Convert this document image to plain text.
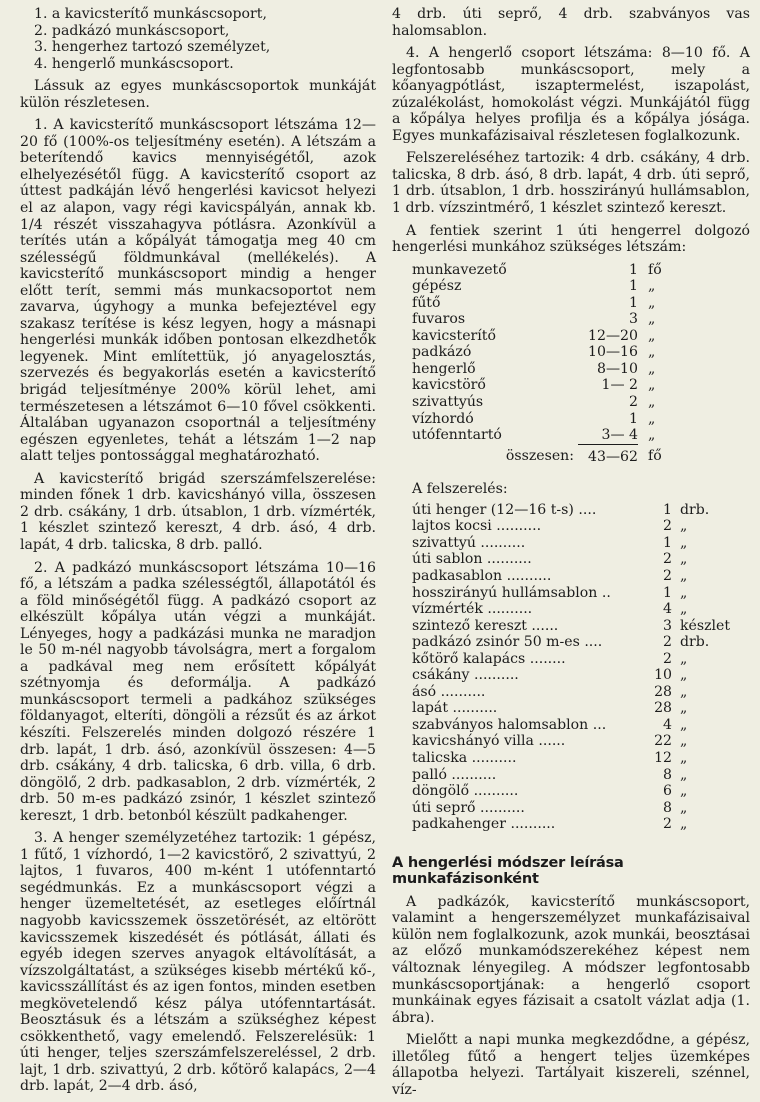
1. a kavicsterítő munkáscsoport,
2. padkázó munkáscsoport,
3. hengerhez tartozó személyzet,
4. hengerlő munkáscsoport.

Lássuk az egyes munkáscsoportok munkáját külön részletesen.

1. A kavicsterítő munkáscsoport létszáma 12—20 fő (100%-os teljesítmény esetén). A létszám a beterítendő kavics mennyiségétől, azok elhelyezésétől függ. A kavicsterítő csoport az úttest padkáján lévő hengerlési kavicsot helyezi el az alapon, vagy régi kavicspályán, annak kb. 1/4 részét visszahagyva pótlásra. Azonkívül a terítés után a kőpályát támogatja meg 40 cm szélességű földmunkával (mellékelés). A kavicsterítő munkáscsoport mindig a henger előtt terít, semmi más munkacsoportot nem zavarva, úgyhogy a munka befejeztével egy szakasz terítése is kész legyen, hogy a másnapi hengerlési munkák időben pontosan elkezdhetők legyenek. Mint említettük, jó anyagelosztás, szervezés és begyakorlás esetén a kavicsterítő brigád teljesítménye 200% körül lehet, ami természetesen a létszámot 6—10 fővel csökkenti. Általában ugyanazon csoportnál a teljesítmény egészen egyenletes, tehát a létszám 1—2 nap alatt teljes pontossággal meghatározható.

A kavicsterítő brigád szerszámfelszerelése: minden főnek 1 drb. kavicshányó villa, összesen 2 drb. csákány, 1 drb. útsablon, 1 drb. vízmérték, 1 készlet szintező kereszt, 4 drb. ásó, 4 drb. lapát, 4 drb. talicska, 8 drb. palló.

2. A padkázó munkáscsoport létszáma 10—16 fő, a létszám a padka szélességtől, állapotától és a föld minőségétől függ. A padkázó csoport az elkészült kőpálya után végzi a munkáját. Lényeges, hogy a padkázási munka ne maradjon le 50 m-nél nagyobb távolságra, mert a forgalom a padkával meg nem erősített kőpályát szétnyomja és deformálja. A padkázó munkáscsoport termeli a padkához szükséges földanyagot, elteríti, döngöli a rézsűt és az árkot készíti. Felszerelés minden dolgozó részére 1 drb. lapát, 1 drb. ásó, azonkívül összesen: 4—5 drb. csákány, 4 drb. talicska, 6 drb. villa, 6 drb. döngölő, 2 drb. padkasablon, 2 drb. vízmérték, 2 drb. 50 m-es padkázó zsinór, 1 készlet szintező kereszt, 1 drb. betonból készült padkahenger.

3. A henger személyzetéhez tartozik: 1 gépész, 1 fűtő, 1 vízhordó, 1—2 kavicstörő, 2 szivattyú, 2 lajtos, 1 fuvaros, 400 m-ként 1 utófenntartó segédmunkás. Ez a munkáscsoport végzi a henger üzemeltetését, az esetleges előírtnál nagyobb kavicsszemek összetörését, az eltörött kavicsszemek kiszedését és pótlását, állati és egyéb idegen szerves anyagok eltávolítását, a vízszolgáltatást, a szükséges kisebb mértékű kő-, kavicsszállítást és az igen fontos, minden esetben megkövetelendő kész pálya utófenntartását. Beosztásuk és a létszám a szükséghez képest csökkenthető, vagy emelendő. Felszerelésük: 1 úti henger, teljes szerszámfelszereléssel, 2 drb. lajt, 1 drb. szivattyú, 2 drb. kőtörő kalapács, 2—4 drb. lapát, 2—4 drb. ásó,

4 drb. úti seprő, 4 drb. szabványos vas halomsablon.

4. A hengerlő csoport létszáma: 8—10 fő. A legfontosabb munkáscsoport, mely a kőanyagpótlást, iszaptermelést, iszapolást, zúzalékolást, homokolást végzi. Munkájától függ a kőpálya helyes profilja és a kőpálya jósága. Egyes munkafázisaival részletesen foglalkozunk.

Felszereléséhez tartozik: 4 drb. csákány, 4 drb. talicska, 8 drb. ásó, 8 drb. lapát, 4 drb. úti seprő, 1 drb. útsablon, 1 drb. hosszirányú hullámsablon, 1 drb. vízszintmérő, 1 készlet szintező kereszt.

A fentiek szerint 1 úti hengerrel dolgozó hengerlési munkához szükséges létszám:

munkavezető	1	fő
gépész	1	„
fűtő	1	„
fuvaros	3	„
kavicsterítő	12—20	„
padkázó	10—16	„
hengerlő	8—10	„
kavicstörő	1— 2	„
szivattyús	2	„
vízhordó	1	„
utófenntartó	3— 4	„
összesen:	43—62	fő
A felszerelés:
úti henger (12—16 t-s) ....	1	drb.
lajtos kocsi ..........	2	„
szivattyú ..........	1	„
úti sablon ..........	2	„
padkasablon ..........	2	„
hosszirányú hullámsablon ..	1	„
vízmérték ..........	4	„
szintező kereszt ......	3	készlet
padkázó zsinór 50 m-es ....	2	drb.
kőtörő kalapács ........	2	„
csákány ..........	10	„
ásó ..........	28	„
lapát ..........	28	„
szabványos halomsablon ...	4	„
kavicshányó villa ......	22	„
talicska ..........	12	„
palló ..........	8	„
döngölő ..........	6	„
úti seprő ..........	8	„
padkahenger ..........	2	„
A hengerlési módszer leírása munkafázisonként

A padkázók, kavicsterítő munkáscsoport, valamint a hengerszemélyzet munkafázisaival külön nem foglalkozunk, azok munkái, beosztásai az előző munkamódszerekéhez képest nem változnak lényegileg. A módszer legfontosabb munkáscsoportjának: a hengerlő csoport munkáinak egyes fázisait a csatolt vázlat adja (1. ábra).

Mielőtt a napi munka megkezdődne, a gépész, illetőleg fűtő a hengert teljes üzemképes állapotba helyezi. Tartályait kiszereli, szénnel, víz-
